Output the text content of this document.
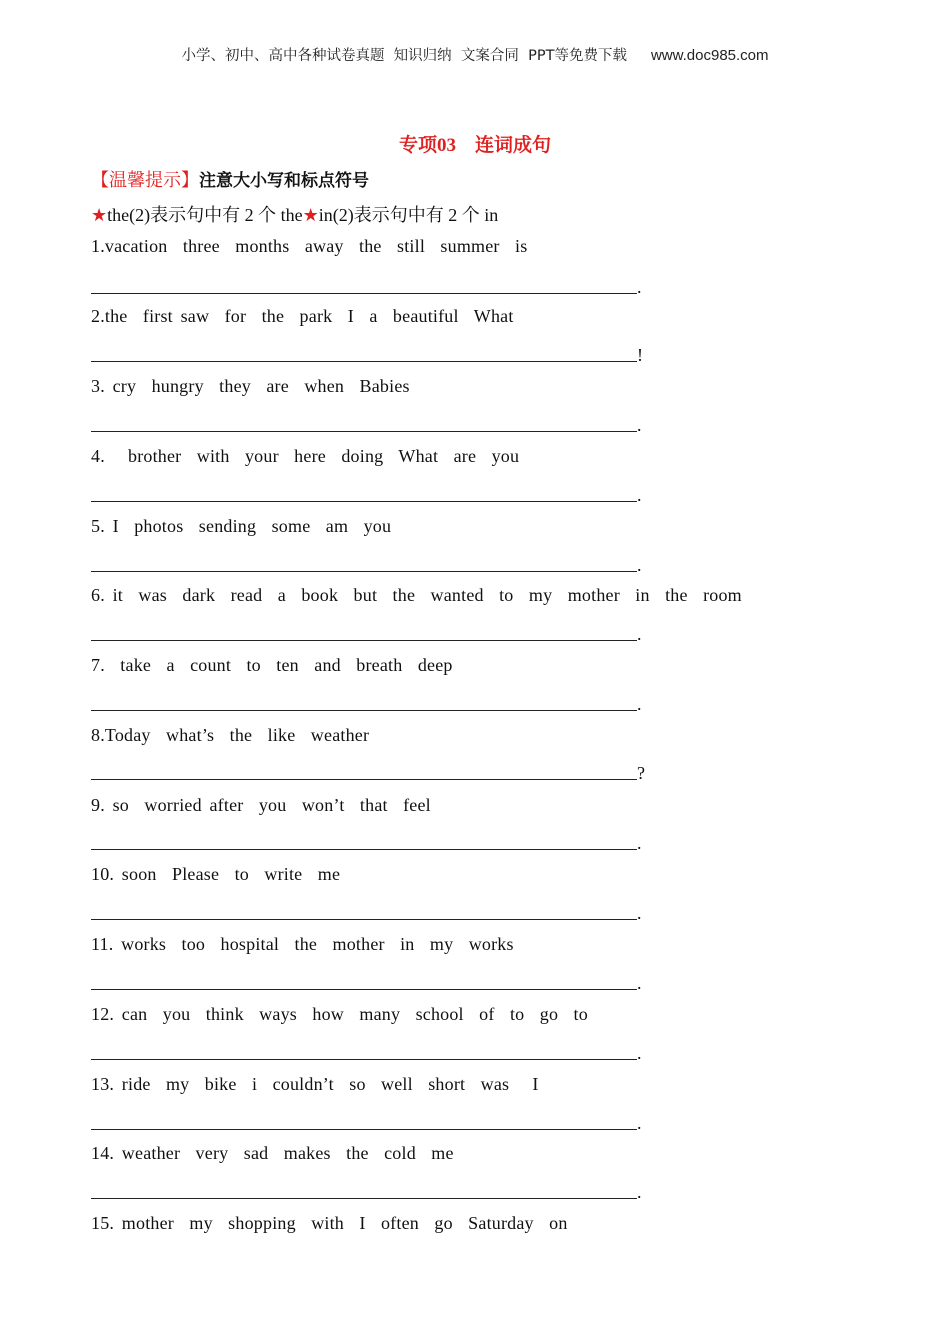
小学、初中、高中各种试卷真题  知识归纳  文案合同  PPT等免费下载 www.doc985.com
专项03    连词成句
【温馨提示】注意大小写和标点符号
★the(2)表示句中有 2 个 the★in(2)表示句中有 2 个 in
1.vacation  three  months  away  the  still  summer  is
.
2.the  first saw  for  the  park  I  a  beautiful  What
!
3. cry  hungry  they  are  when  Babies
.
4.   brother  with  your  here  doing  What  are  you
.
5. I  photos  sending  some  am  you
.
6. it  was  dark  read  a  book  but  the  wanted  to  my  mother  in  the  room
.
7.  take  a  count  to  ten  and  breath  deep
.
8.Today  what’s  the  like  weather
?
9. so  worried after  you  won’t  that  feel
.
10. soon  Please  to  write  me
.
11. works  too  hospital  the  mother  in  my  works
.
12. can  you  think  ways  how  many  school  of  to  go  to
.
13. ride  my  bike  i  couldn’t  so  well  short  was   I
.
14. weather  very  sad  makes  the  cold  me
.
15. mother  my  shopping  with  I  often  go  Saturday  on
